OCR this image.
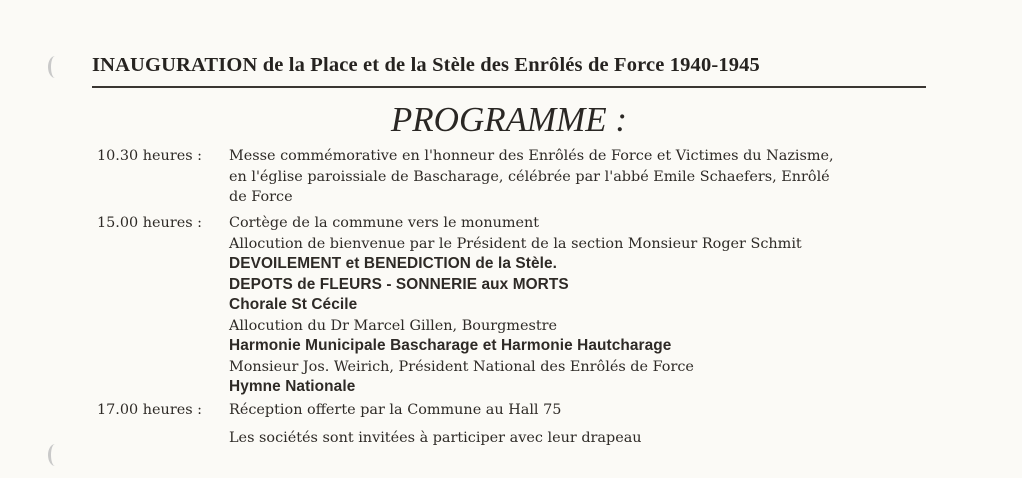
INAUGURATION de la Place et de la Stèle des Enrôlés de Force 1940-1945
PROGRAMME :
10.30 heures : Messe commémorative en l'honneur des Enrôlés de Force et Victimes du Nazisme,
en l'église paroissiale de Bascharage, célébrée par l'abbé Emile Schaefers, Enrôlé
de Force
15.00 heures : Cortège de la commune vers le monument
Allocution de bienvenue par le Président de la section Monsieur Roger Schmit
DEVOILEMENT et BENEDICTION de la Stèle.
DEPOTS de FLEURS - SONNERIE aux MORTS
Chorale St Cécile
Allocution du Dr Marcel Gillen, Bourgmestre
Harmonie Municipale Bascharage et Harmonie Hautcharage
Monsieur Jos. Weirich, Président National des Enrôlés de Force
Hymne Nationale
17.00 heures : Réception offerte par la Commune au Hall 75
Les sociétés sont invitées à participer avec leur drapeau
